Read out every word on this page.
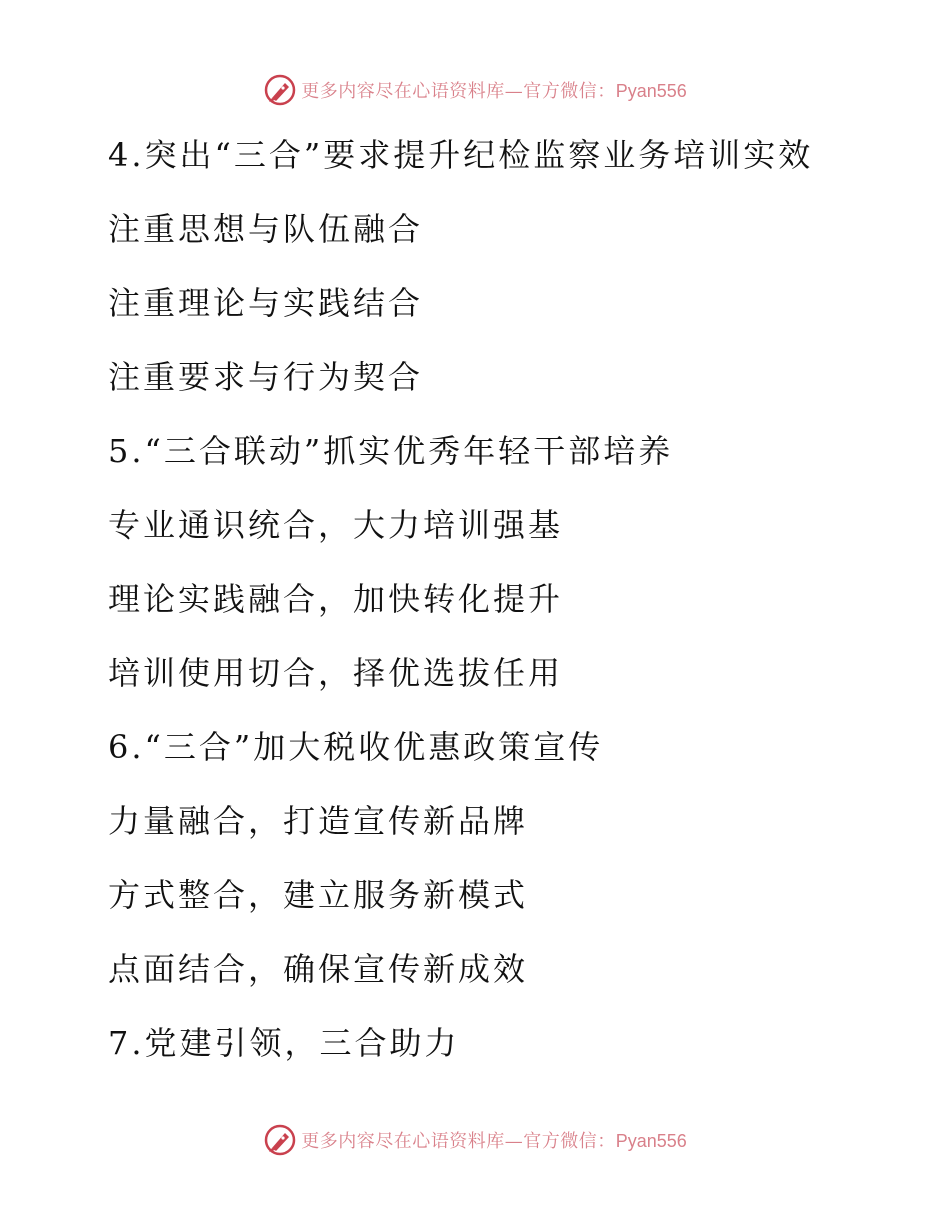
更多内容尽在心语资料库—官方微信：Pyan556
4.突出“三合”要求提升纪检监察业务培训实效
注重思想与队伍融合
注重理论与实践结合
注重要求与行为契合
5.“三合联动”抓实优秀年轻干部培养
专业通识统合，大力培训强基
理论实践融合，加快转化提升
培训使用切合，择优选拔任用
6.“三合”加大税收优惠政策宣传
力量融合，打造宣传新品牌
方式整合，建立服务新模式
点面结合，确保宣传新成效
7.党建引领，三合助力
更多内容尽在心语资料库—官方微信：Pyan556
